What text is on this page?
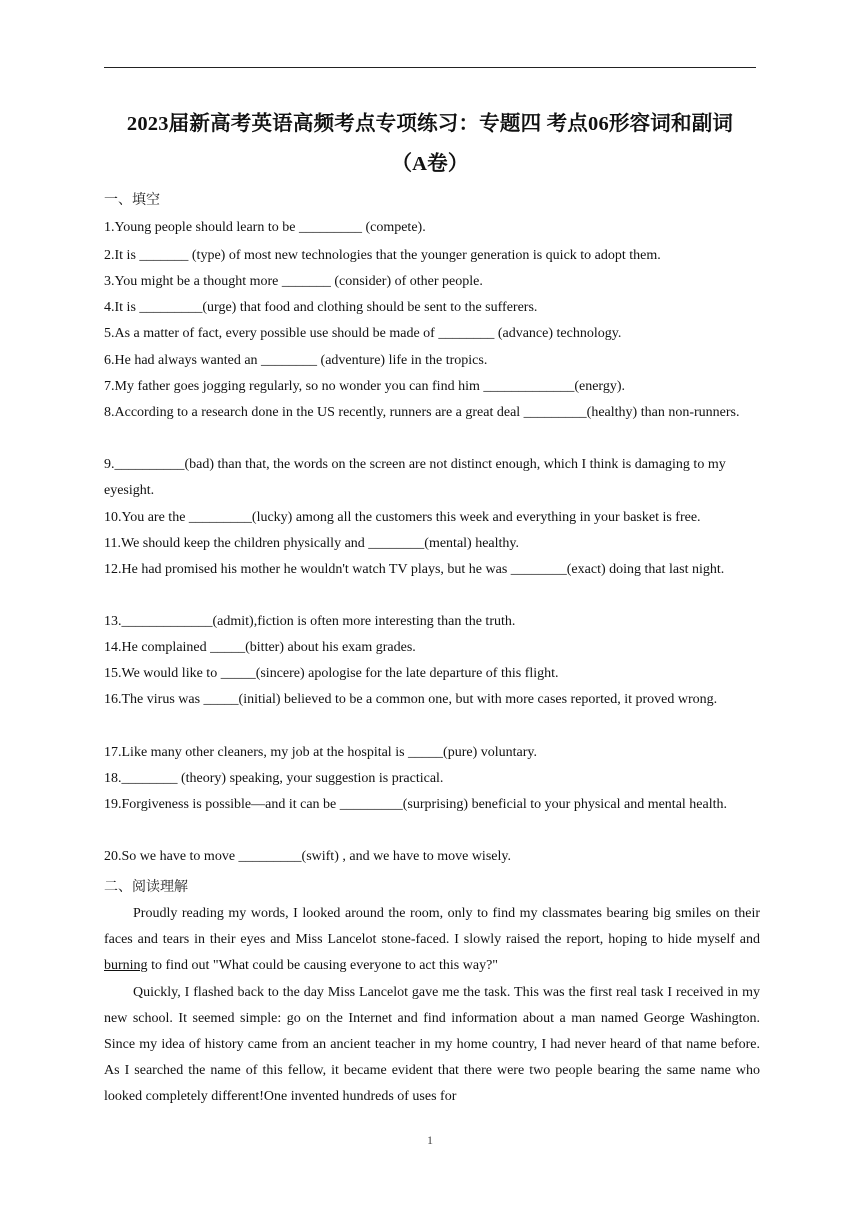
2023届新高考英语高频考点专项练习：专题四 考点06形容词和副词
（A卷）
一、填空
1.Young people should learn to be _________ (compete).
2.It is _______ (type) of most new technologies that the younger generation is quick to adopt them.
3.You might be a thought more _______ (consider) of other people.
4.It is _________(urge) that food and clothing should be sent to the sufferers.
5.As a matter of fact, every possible use should be made of ________ (advance) technology.
6.He had always wanted an ________ (adventure) life in the tropics.
7.My father goes jogging regularly, so no wonder you can find him _____________(energy).
8.According to a research done in the US recently, runners are a great deal _________(healthy) than non-runners.
9.__________(bad) than that, the words on the screen are not distinct enough, which I think is damaging to my eyesight.
10.You are the _________(lucky) among all the customers this week and everything in your basket is free.
11.We should keep the children physically and ________(mental) healthy.
12.He had promised his mother he wouldn't watch TV plays, but he was ________(exact) doing that last night.
13._____________(admit),fiction is often more interesting than the truth.
14.He complained _____(bitter) about his exam grades.
15.We would like to _____(sincere) apologise for the late departure of this flight.
16.The virus was _____(initial) believed to be a common one, but with more cases reported, it proved wrong.
17.Like many other cleaners, my job at the hospital is _____(pure) voluntary.
18.________ (theory) speaking, your suggestion is practical.
19.Forgiveness is possible—and it can be _________(surprising) beneficial to your physical and mental health.
20.So we have to move _________(swift) , and we have to move wisely.
二、阅读理解
Proudly reading my words, I looked around the room, only to find my classmates bearing big smiles on their faces and tears in their eyes and Miss Lancelot stone-faced. I slowly raised the report, hoping to hide myself and burning to find out "What could be causing everyone to act this way?"
Quickly, I flashed back to the day Miss Lancelot gave me the task. This was the first real task I received in my new school. It seemed simple: go on the Internet and find information about a man named George Washington. Since my idea of history came from an ancient teacher in my home country, I had never heard of that name before. As I searched the name of this fellow, it became evident that there were two people bearing the same name who looked completely different!One invented hundreds of uses for
1
